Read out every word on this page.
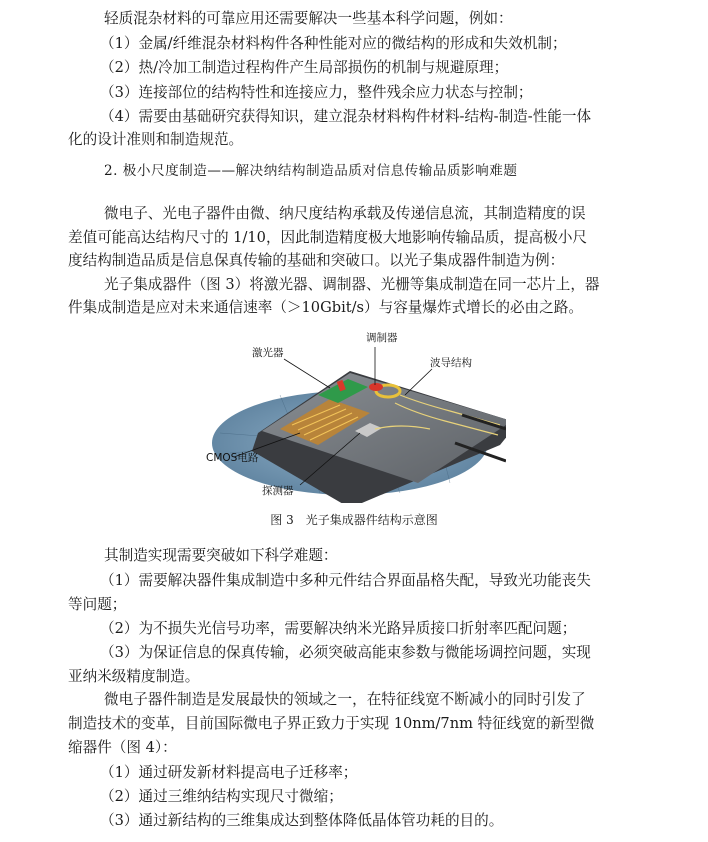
轻质混杂材料的可靠应用还需要解决一些基本科学问题，例如：
（1）金属/纤维混杂材料构件各种性能对应的微结构的形成和失效机制；
（2）热/冷加工制造过程构件产生局部损伤的机制与规避原理；
（3）连接部位的结构特性和连接应力，整件残余应力状态与控制；
（4）需要由基础研究获得知识，建立混杂材料构件材料-结构-制造-性能一体
化的设计准则和制造规范。
2. 极小尺度制造——解决纳结构制造品质对信息传输品质影响难题
微电子、光电子器件由微、纳尺度结构承载及传递信息流，其制造精度的误
差值可能高达结构尺寸的 1/10，因此制造精度极大地影响传输品质，提高极小尺
度结构制造品质是信息保真传输的基础和突破口。以光子集成器件制造为例：
光子集成器件（图 3）将激光器、调制器、光栅等集成制造在同一芯片上，器
件集成制造是应对未来通信速率（＞10Gbit/s）与容量爆炸式增长的必由之路。
调制器
激光器
波导结构
CMOS电路
探测器
图 3　光子集成器件结构示意图
其制造实现需要突破如下科学难题：
（1）需要解决器件集成制造中多种元件结合界面晶格失配，导致光功能丧失
等问题；
（2）为不损失光信号功率，需要解决纳米光路异质接口折射率匹配问题；
（3）为保证信息的保真传输，必须突破高能束参数与微能场调控问题，实现
亚纳米级精度制造。
微电子器件制造是发展最快的领域之一，在特征线宽不断减小的同时引发了
制造技术的变革，目前国际微电子界正致力于实现 10nm/7nm 特征线宽的新型微
缩器件（图 4）：
（1）通过研发新材料提高电子迁移率；
（2）通过三维纳结构实现尺寸微缩；
（3）通过新结构的三维集成达到整体降低晶体管功耗的目的。
